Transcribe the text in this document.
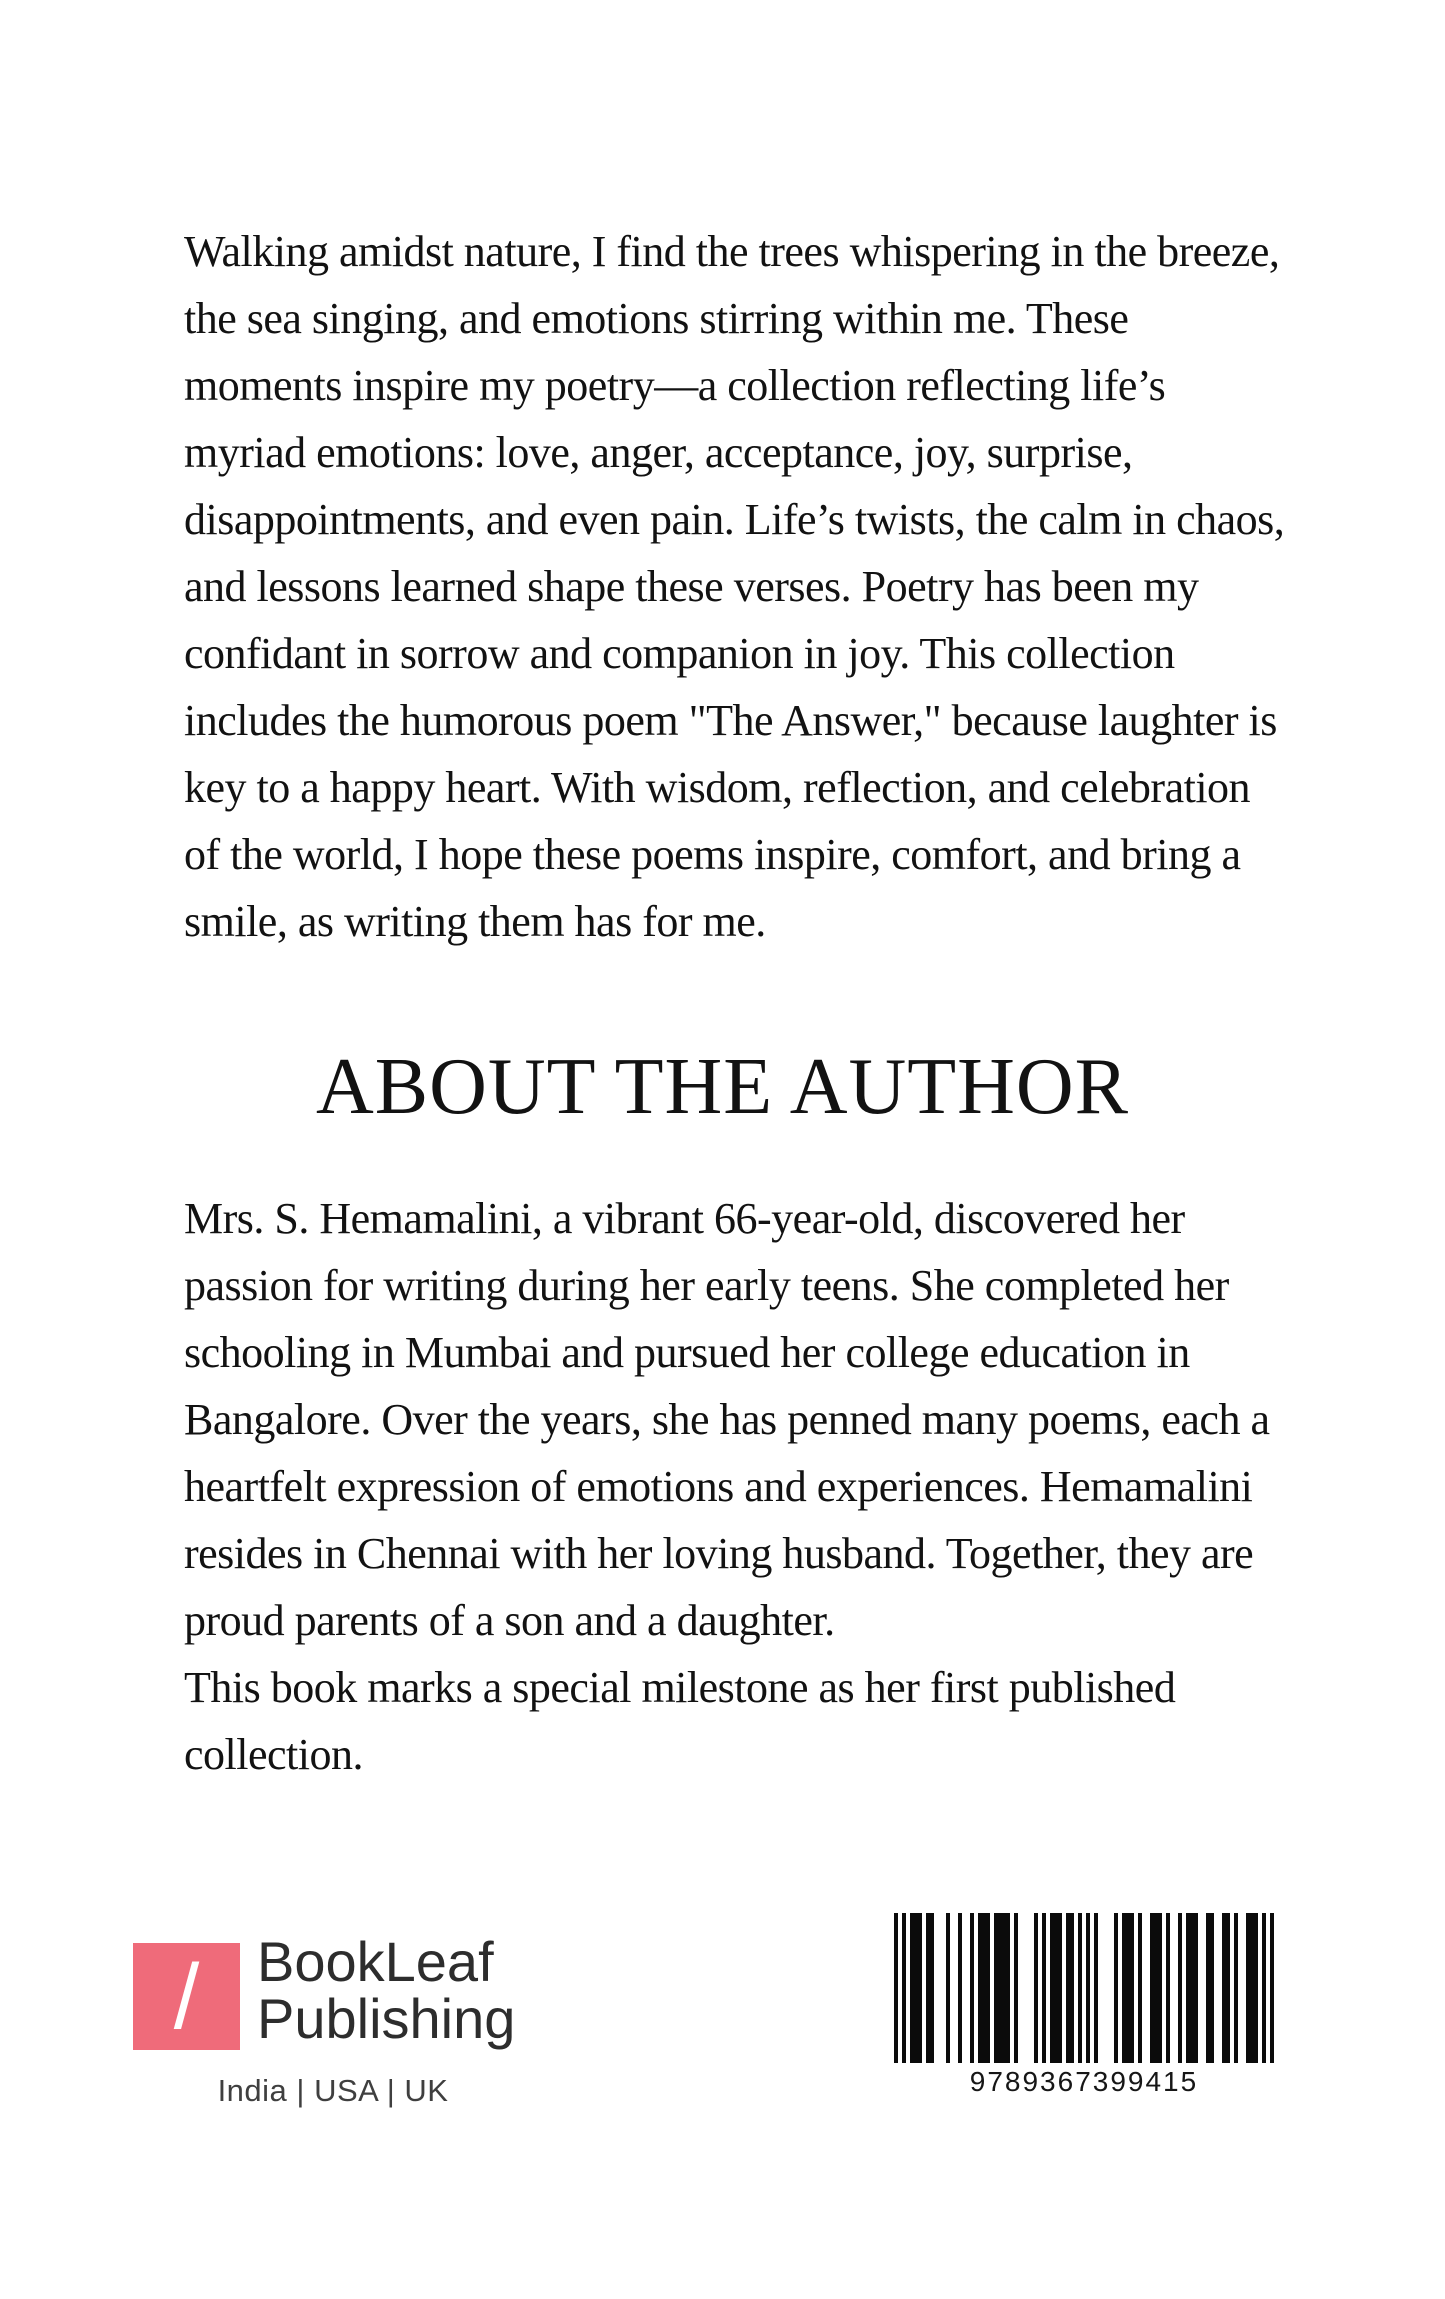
Walking amidst nature, I find the trees whispering in the breeze, the sea singing, and emotions stirring within me. These moments inspire my poetry—a collection reflecting life’s myriad emotions: love, anger, acceptance, joy, surprise, disappointments, and even pain. Life’s twists, the calm in chaos, and lessons learned shape these verses. Poetry has been my confidant in sorrow and companion in joy. This collection includes the humorous poem "The Answer," because laughter is key to a happy heart. With wisdom, reflection, and celebration of the world, I hope these poems inspire, comfort, and bring a smile, as writing them has for me.

ABOUT THE AUTHOR

Mrs. S. Hemamalini, a vibrant 66-year-old, discovered her passion for writing during her early teens. She completed her schooling in Mumbai and pursued her college education in Bangalore. Over the years, she has penned many poems, each a heartfelt expression of emotions and experiences. Hemamalini resides in Chennai with her loving husband. Together, they are proud parents of a son and a daughter.

This book marks a special milestone as her first published collection.

/	BookLeaf
Publishing
India | USA | UK	9789367399415
